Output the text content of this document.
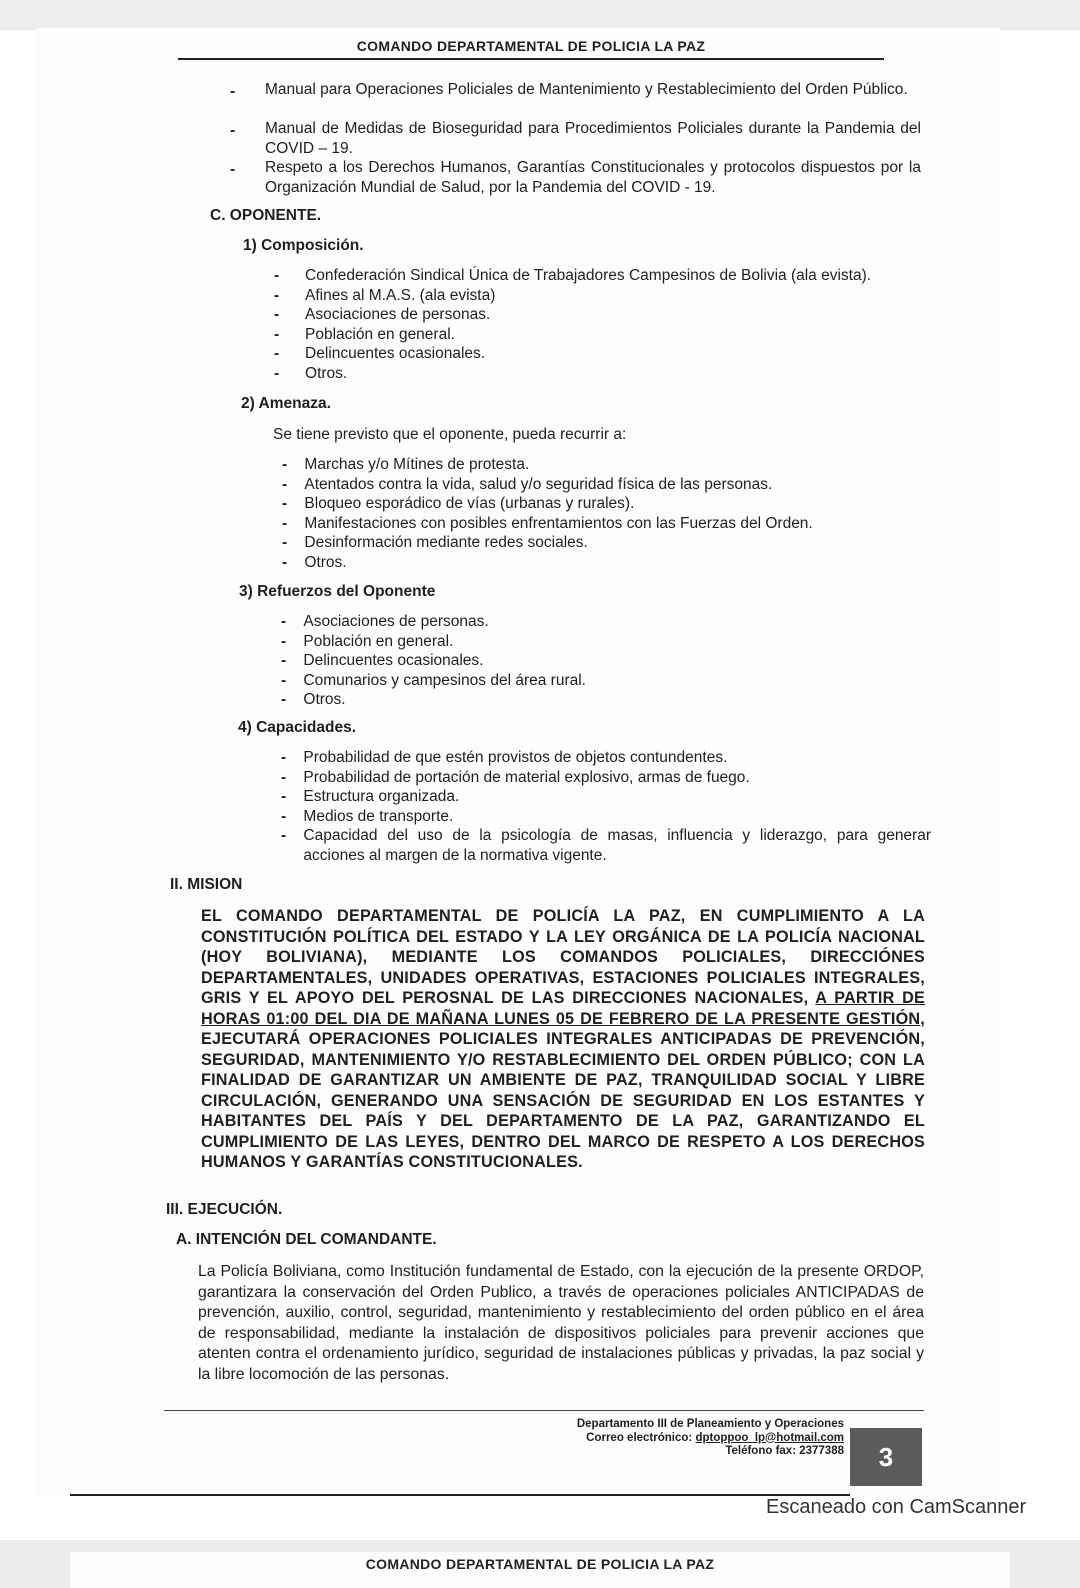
COMANDO DEPARTAMENTAL DE POLICIA LA PAZ
- Manual para Operaciones Policiales de Mantenimiento y Restablecimiento del Orden Público.
- Manual de Medidas de Bioseguridad para Procedimientos Policiales durante la Pandemia del COVID – 19.
- Respeto a los Derechos Humanos, Garantías Constitucionales y protocolos dispuestos por la Organización Mundial de Salud, por la Pandemia del COVID - 19.
C. OPONENTE.
1) Composición.
- Confederación Sindical Única de Trabajadores Campesinos de Bolivia (ala evista).
- Afines al M.A.S. (ala evista)
- Asociaciones de personas.
- Población en general.
- Delincuentes ocasionales.
- Otros.
2) Amenaza.
Se tiene previsto que el oponente, pueda recurrir a:
- Marchas y/o Mítines de protesta.
- Atentados contra la vida, salud y/o seguridad física de las personas.
- Bloqueo esporádico de vías (urbanas y rurales).
- Manifestaciones con posibles enfrentamientos con las Fuerzas del Orden.
- Desinformación mediante redes sociales.
- Otros.
3) Refuerzos del Oponente
- Asociaciones de personas.
- Población en general.
- Delincuentes ocasionales.
- Comunarios y campesinos del área rural.
- Otros.
4) Capacidades.
- Probabilidad de que estén provistos de objetos contundentes.
- Probabilidad de portación de material explosivo, armas de fuego.
- Estructura organizada.
- Medios de transporte.
- Capacidad del uso de la psicología de masas, influencia y liderazgo, para generar acciones al margen de la normativa vigente.
II. MISION
EL COMANDO DEPARTAMENTAL DE POLICÍA LA PAZ, EN CUMPLIMIENTO A LA CONSTITUCIÓN POLÍTICA DEL ESTADO Y LA LEY ORGÁNICA DE LA POLICÍA NACIONAL (HOY BOLIVIANA), MEDIANTE LOS COMANDOS POLICIALES, DIRECCIÓNES DEPARTAMENTALES, UNIDADES OPERATIVAS, ESTACIONES POLICIALES INTEGRALES, GRIS Y EL APOYO DEL PEROSNAL DE LAS DIRECCIONES NACIONALES, A PARTIR DE HORAS 01:00 DEL DIA DE MAÑANA LUNES 05 DE FEBRERO DE LA PRESENTE GESTIÓN, EJECUTARÁ OPERACIONES POLICIALES INTEGRALES ANTICIPADAS DE PREVENCIÓN, SEGURIDAD, MANTENIMIENTO Y/O RESTABLECIMIENTO DEL ORDEN PÚBLICO; CON LA FINALIDAD DE GARANTIZAR UN AMBIENTE DE PAZ, TRANQUILIDAD SOCIAL Y LIBRE CIRCULACIÓN, GENERANDO UNA SENSACIÓN DE SEGURIDAD EN LOS ESTANTES Y HABITANTES DEL PAÍS Y DEL DEPARTAMENTO DE LA PAZ, GARANTIZANDO EL CUMPLIMIENTO DE LAS LEYES, DENTRO DEL MARCO DE RESPETO A LOS DERECHOS HUMANOS Y GARANTÍAS CONSTITUCIONALES.
III. EJECUCIÓN.
A. INTENCIÓN DEL COMANDANTE.
La Policía Boliviana, como Institución fundamental de Estado, con la ejecución de la presente ORDOP, garantizara la conservación del Orden Publico, a través de operaciones policiales ANTICIPADAS de prevención, auxilio, control, seguridad, mantenimiento y restablecimiento del orden público en el área de responsabilidad, mediante la instalación de dispositivos policiales para prevenir acciones que atenten contra el ordenamiento jurídico, seguridad de instalaciones públicas y privadas, la paz social y la libre locomoción de las personas.
Departamento III de Planeamiento y Operaciones
Correo electrónico: dptoppoo_lp@hotmail.com
Teléfono fax: 2377388 3
Escaneado con CamScanner
COMANDO DEPARTAMENTAL DE POLICIA LA PAZ
